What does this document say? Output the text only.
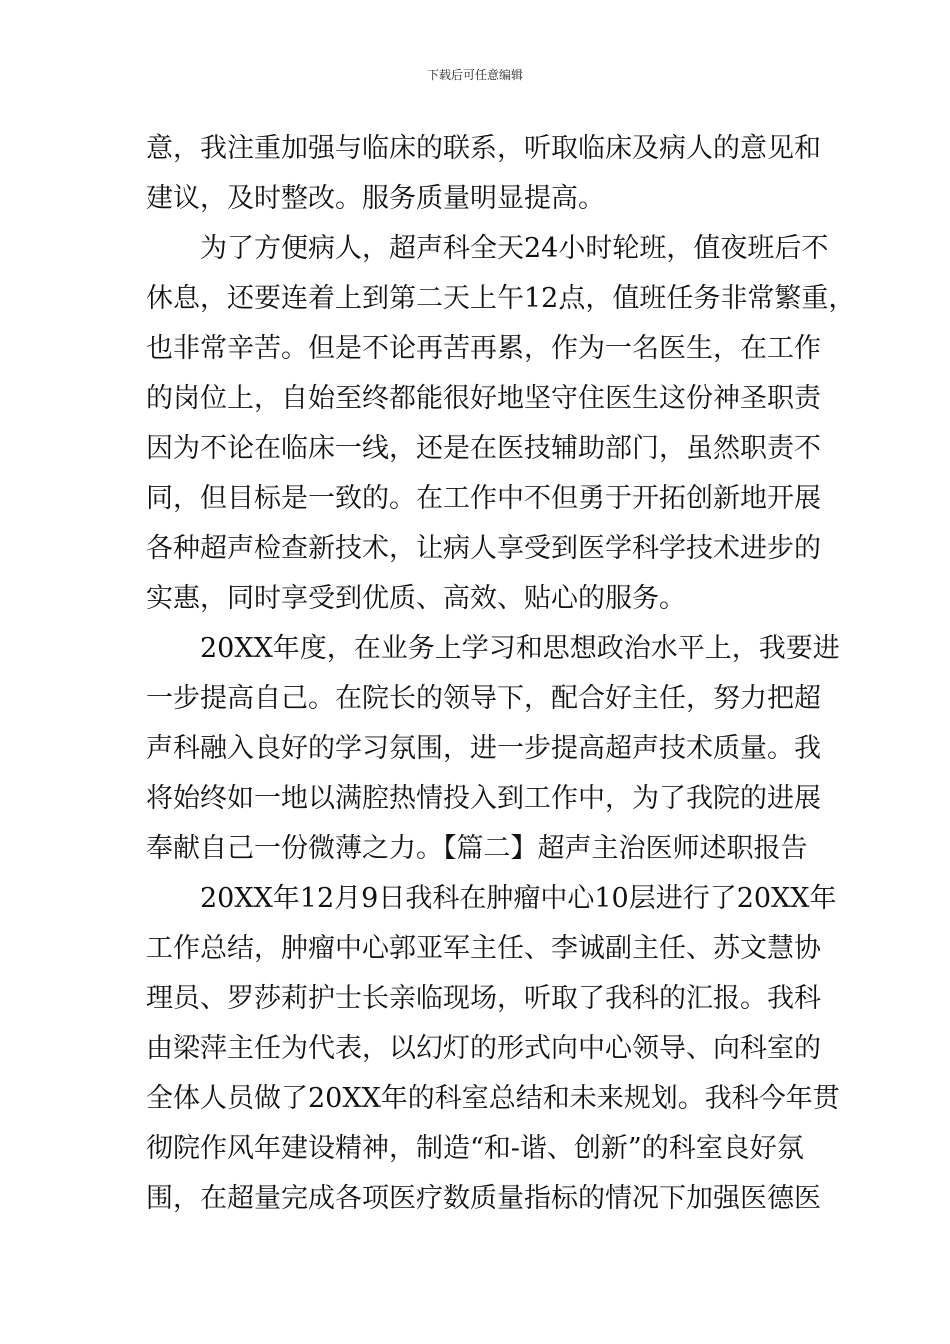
下载后可任意编辑
意，我注重加强与临床的联系，听取临床及病人的意见和
建议，及时整改。服务质量明显提高。
　　为了方便病人，超声科全天24小时轮班，值夜班后不
休息，还要连着上到第二天上午12点，值班任务非常繁重，
也非常辛苦。但是不论再苦再累，作为一名医生，在工作
的岗位上，自始至终都能很好地坚守住医生这份神圣职责
因为不论在临床一线，还是在医技辅助部门，虽然职责不
同，但目标是一致的。在工作中不但勇于开拓创新地开展
各种超声检查新技术，让病人享受到医学科学技术进步的
实惠，同时享受到优质、高效、贴心的服务。
　　20XX年度，在业务上学习和思想政治水平上，我要进
一步提高自己。在院长的领导下，配合好主任，努力把超
声科融入良好的学习氛围，进一步提高超声技术质量。我
将始终如一地以满腔热情投入到工作中，为了我院的进展
奉献自己一份微薄之力。【篇二】超声主治医师述职报告
　　20XX年12月9日我科在肿瘤中心10层进行了20XX年
工作总结，肿瘤中心郭亚军主任、李诚副主任、苏文慧协
理员、罗莎莉护士长亲临现场，听取了我科的汇报。我科
由梁萍主任为代表，以幻灯的形式向中心领导、向科室的
全体人员做了20XX年的科室总结和未来规划。我科今年贯
彻院作风年建设精神，制造“和-谐、创新”的科室良好氛
围，在超量完成各项医疗数质量指标的情况下加强医德医
